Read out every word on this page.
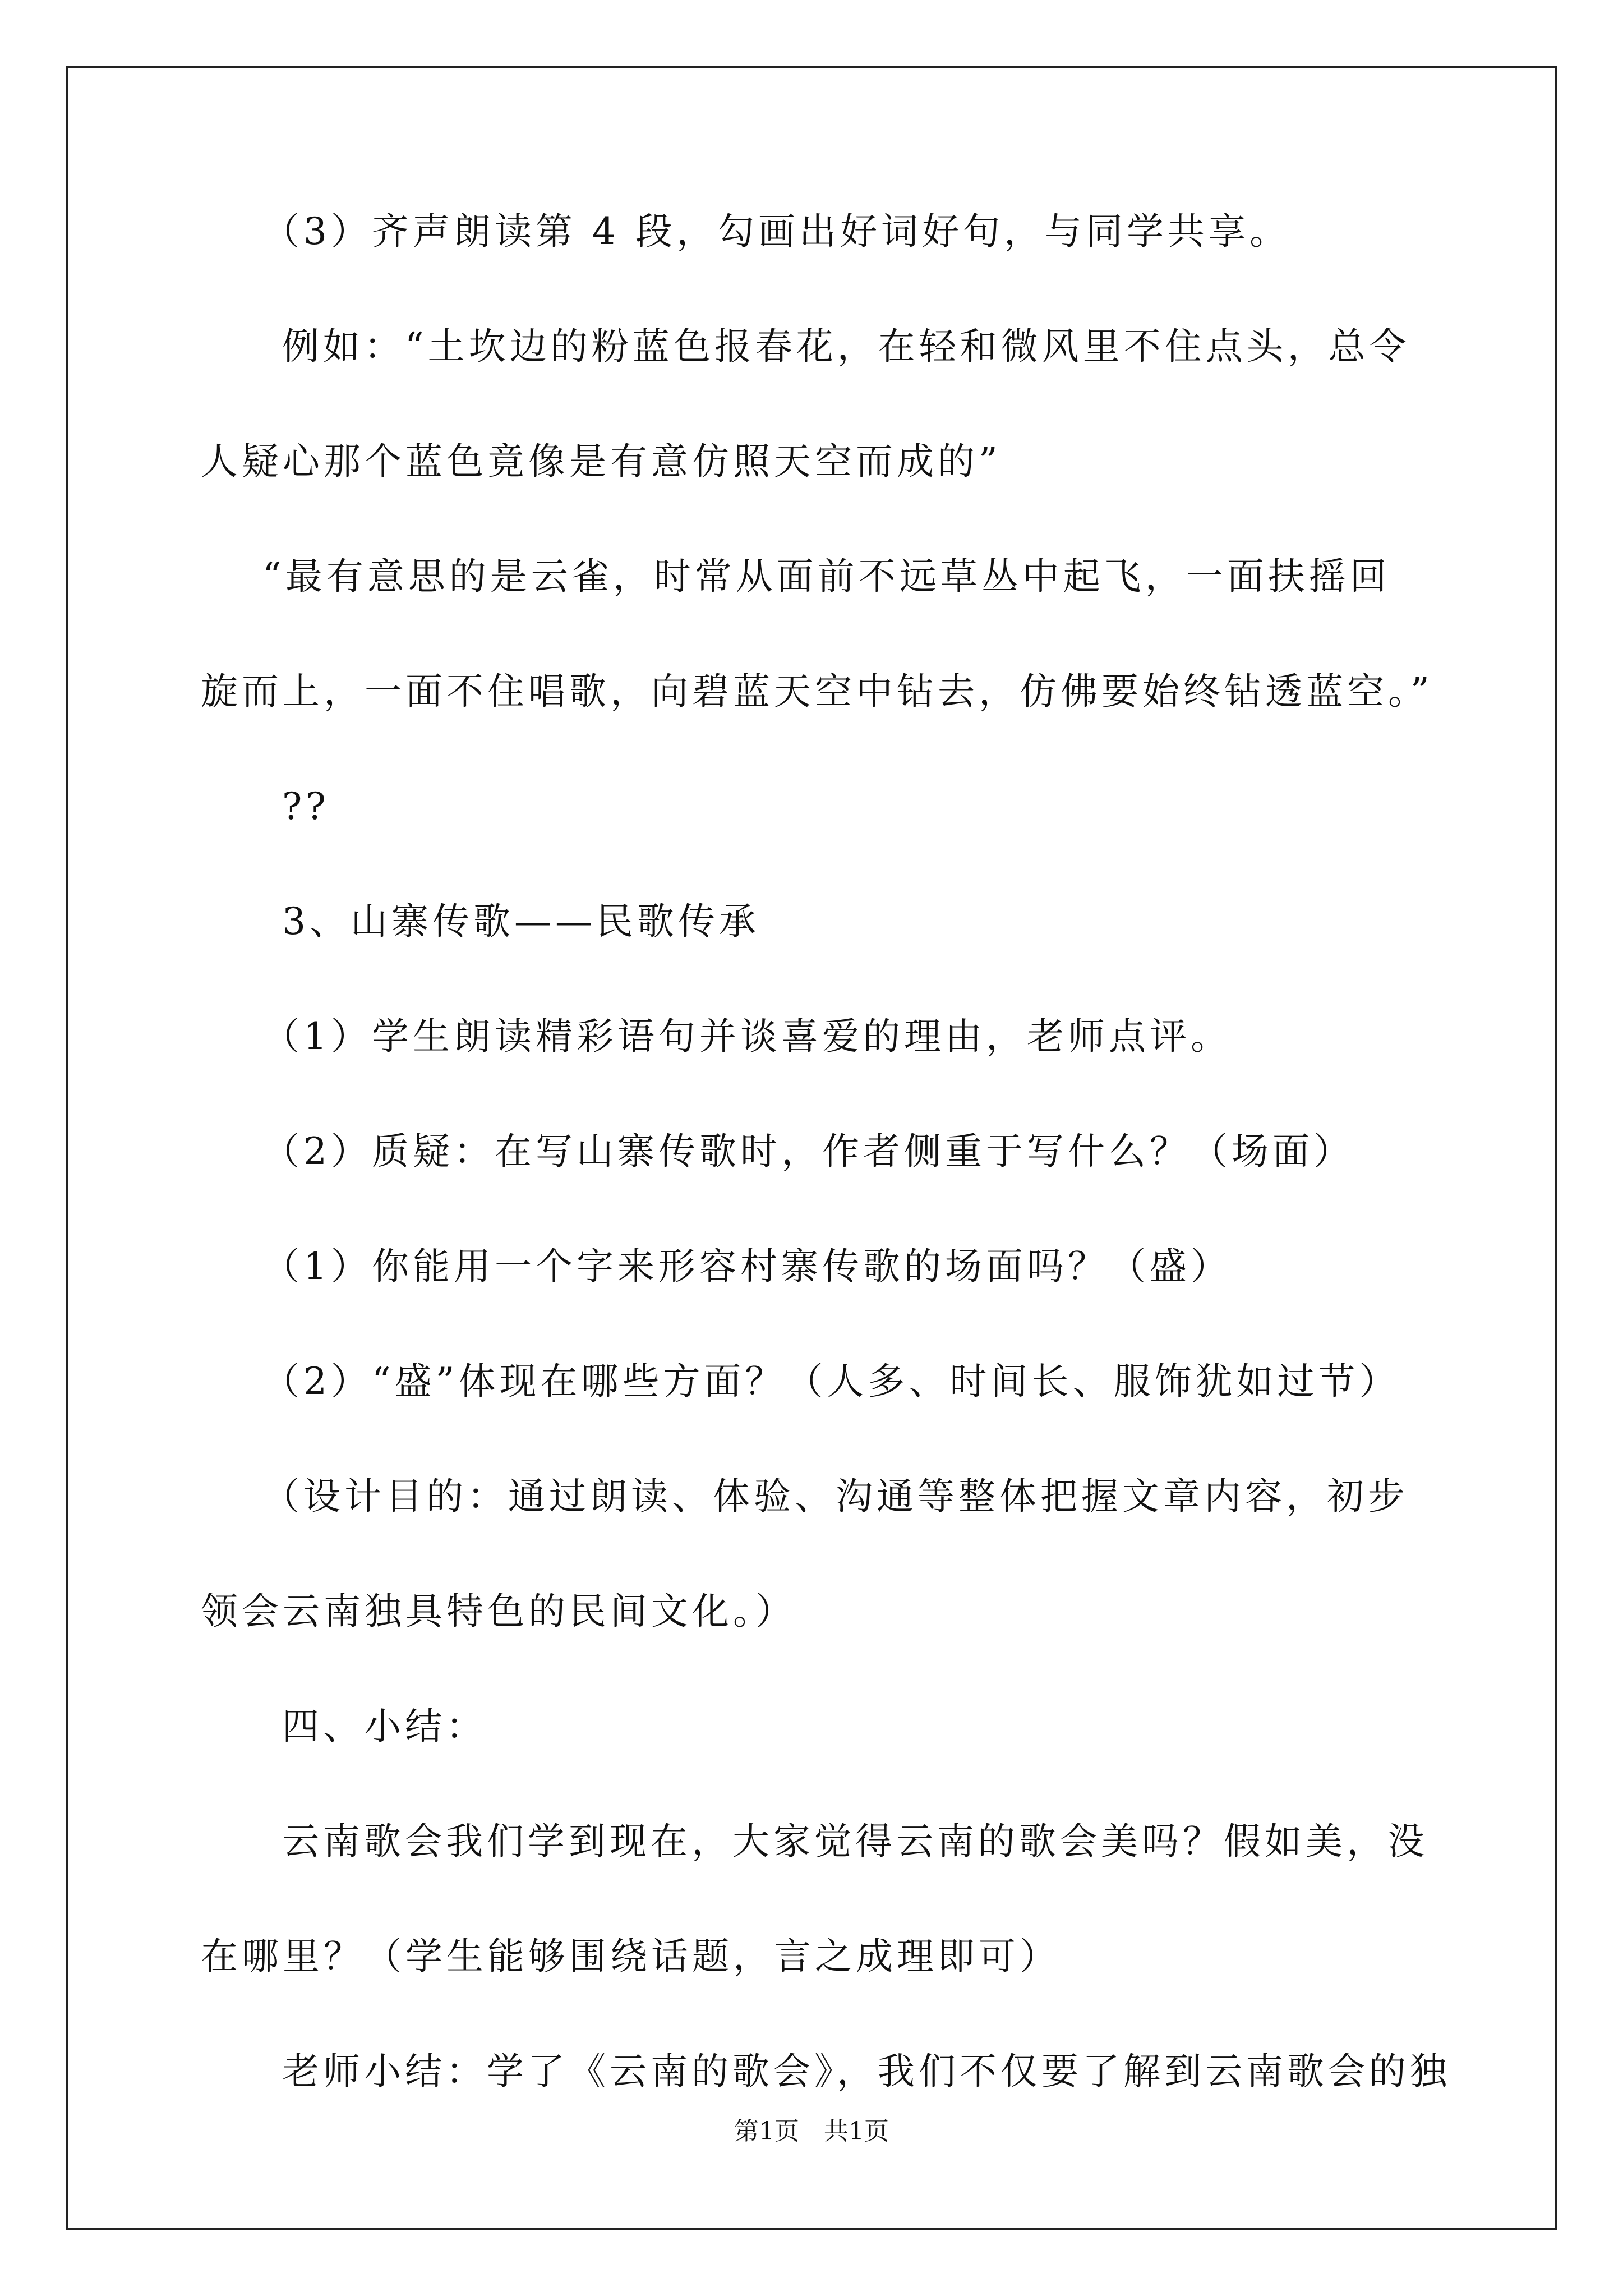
（3）齐声朗读第 4 段，勾画出好词好句，与同学共享。
例如：“土坎边的粉蓝色报春花，在轻和微风里不住点头，总令
人疑心那个蓝色竟像是有意仿照天空而成的”
“最有意思的是云雀，时常从面前不远草丛中起飞，一面扶摇回
旋而上，一面不住唱歌，向碧蓝天空中钻去，仿佛要始终钻透蓝空。”
??
3、山寨传歌——民歌传承
（1）学生朗读精彩语句并谈喜爱的理由，老师点评。
（2）质疑：在写山寨传歌时，作者侧重于写什么？（场面）
（1）你能用一个字来形容村寨传歌的场面吗？（盛）
（2）“盛”体现在哪些方面？（人多、时间长、服饰犹如过节）
（设计目的：通过朗读、体验、沟通等整体把握文章内容，初步
领会云南独具特色的民间文化。）
四、小结：
云南歌会我们学到现在，大家觉得云南的歌会美吗？假如美，没
在哪里？（学生能够围绕话题，言之成理即可）
老师小结：学了《云南的歌会》，我们不仅要了解到云南歌会的独
第1页　共1页
